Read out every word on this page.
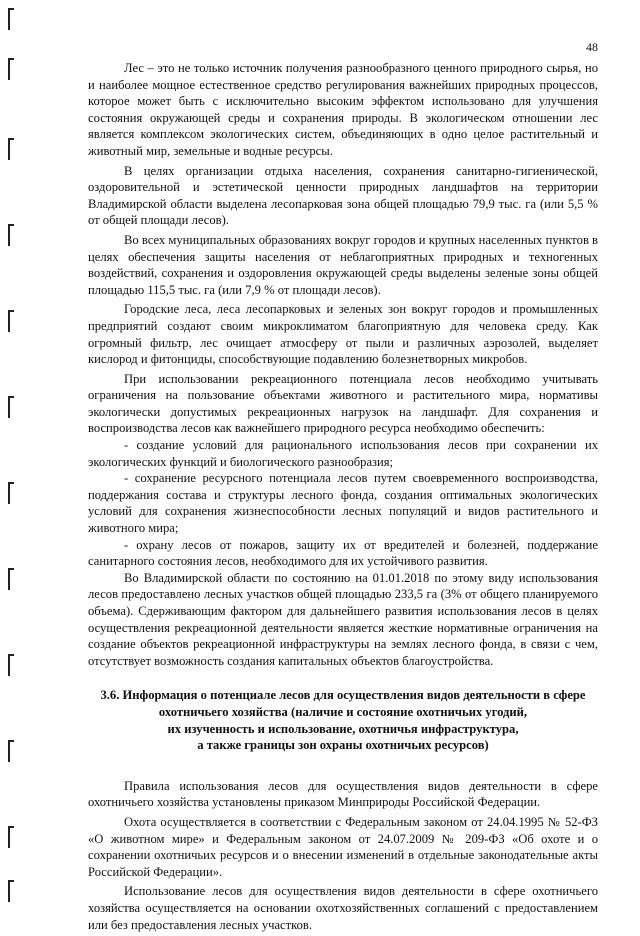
48

Лес – это не только источник получения разнообразного ценного природного сырья, но и наиболее мощное естественное средство регулирования важнейших природных процессов, которое может быть с исключительно высоким эффектом использовано для улучшения состояния окружающей среды и сохранения природы. В экологическом отношении лес является комплексом экологических систем, объединяющих в одно целое растительный и животный мир, земельные и водные ресурсы.

В целях организации отдыха населения, сохранения санитарно-гигиенической, оздоровительной и эстетической ценности природных ландшафтов на территории Владимирской области выделена лесопарковая зона общей площадью 79,9 тыс. га (или 5,5 % от общей площади лесов).

Во всех муниципальных образованиях вокруг городов и крупных населенных пунктов в целях обеспечения защиты населения от неблагоприятных природных и техногенных воздействий, сохранения и оздоровления окружающей среды выделены зеленые зоны общей площадью 115,5 тыс. га (или 7,9 % от площади лесов).

Городские леса, леса лесопарковых и зеленых зон вокруг городов и промышленных предприятий создают своим микроклиматом благоприятную для человека среду. Как огромный фильтр, лес очищает атмосферу от пыли и различных аэрозолей, выделяет кислород и фитонциды, способствующие подавлению болезнетворных микробов.

При использовании рекреационного потенциала лесов необходимо учитывать ограничения на пользование объектами животного и растительного мира, нормативы экологически допустимых рекреационных нагрузок на ландшафт. Для сохранения и воспроизводства лесов как важнейшего природного ресурса необходимо обеспечить:

- создание условий для рационального использования лесов при сохранении их экологических функций и биологического разнообразия;

- сохранение ресурсного потенциала лесов путем своевременного воспроизводства, поддержания состава и структуры лесного фонда, создания оптимальных экологических условий для сохранения жизнеспособности лесных популяций и видов растительного и животного мира;

- охрану лесов от пожаров, защиту их от вредителей и болезней, поддержание санитарного состояния лесов, необходимого для их устойчивого развития.

Во Владимирской области по состоянию на 01.01.2018 по этому виду использования лесов предоставлено лесных участков общей площадью 233,5 га (3% от общего планируемого объема). Сдерживающим фактором для дальнейшего развития использования лесов в целях осуществления рекреационной деятельности является жесткие нормативные ограничения на создание объектов рекреационной инфраструктуры на землях лесного фонда, в связи с чем, отсутствует возможность создания капитальных объектов благоустройства.

3.6. Информация о потенциале лесов для осуществления видов деятельности в сфере
охотничьего хозяйства (наличие и состояние охотничьих угодий,
их изученность и использование, охотничья инфраструктура,
а также границы зон охраны охотничьих ресурсов)

Правила использования лесов для осуществления видов деятельности в сфере охотничьего хозяйства установлены приказом Минприроды Российской Федерации.

Охота осуществляется в соответствии с Федеральным законом от 24.04.1995 № 52-ФЗ «О животном мире» и Федеральным законом от 24.07.2009 № 209-ФЗ «Об охоте и о сохранении охотничьих ресурсов и о внесении изменений в отдельные законодательные акты Российской Федерации».

Использование лесов для осуществления видов деятельности в сфере охотничьего хозяйства осуществляется на основании охотхозяйственных соглашений с предоставлением или без предоставления лесных участков.
